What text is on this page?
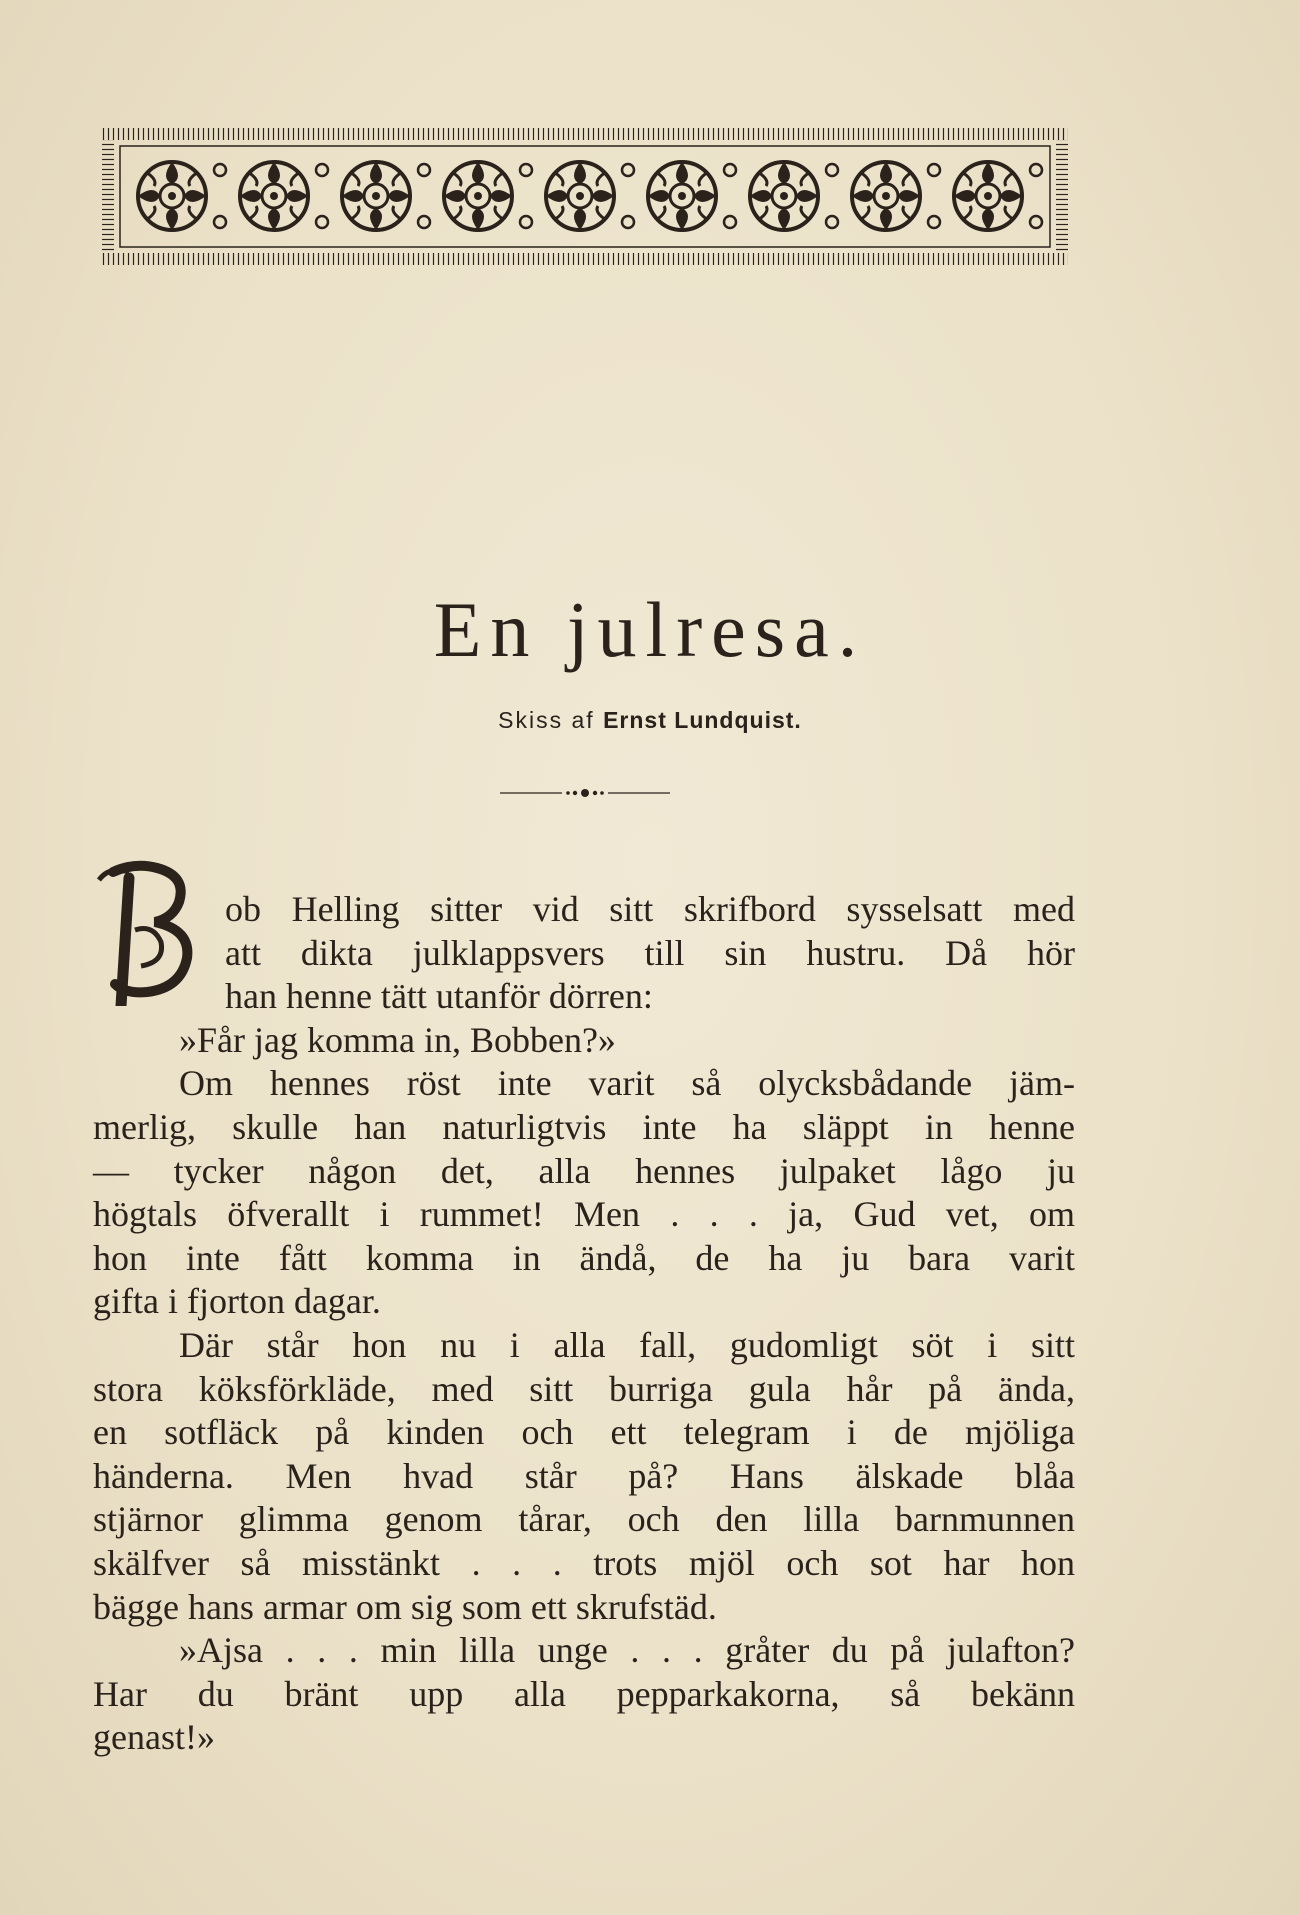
En julresa.
Skiss af Ernst Lundquist.
B

ob Helling sitter vid sitt skrifbord sysselsatt med

att dikta julklappsvers till sin hustru. Då hör

han henne tätt utanför dörren:

»Får jag komma in, Bobben?»

Om hennes röst inte varit så olycksbådande jäm-

merlig, skulle han naturligtvis inte ha släppt in henne

— tycker någon det, alla hennes julpaket lågo ju

högtals öfverallt i rummet! Men . . . ja, Gud vet, om

hon inte fått komma in ändå, de ha ju bara varit

gifta i fjorton dagar.

Där står hon nu i alla fall, gudomligt söt i sitt

stora köksförkläde, med sitt burriga gula hår på ända,

en sotfläck på kinden och ett telegram i de mjöliga

händerna. Men hvad står på? Hans älskade blåa

stjärnor glimma genom tårar, och den lilla barnmunnen

skälfver så misstänkt . . . trots mjöl och sot har hon

bägge hans armar om sig som ett skrufstäd.

»Ajsa . . . min lilla unge . . . gråter du på julafton?

Har du bränt upp alla pepparkakorna, så bekänn

genast!»
